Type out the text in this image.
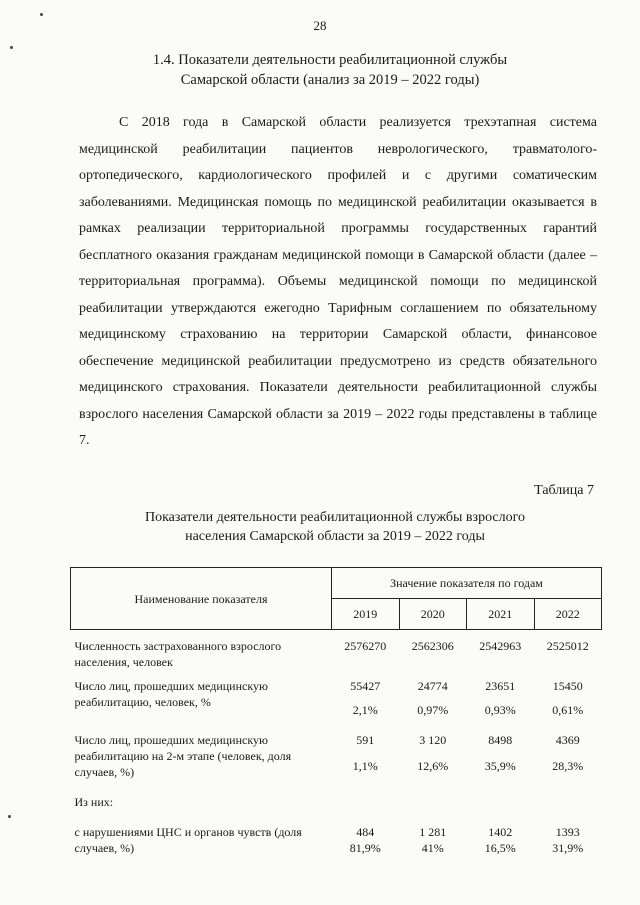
28
1.4. Показатели деятельности реабилитационной службы
Самарской области (анализ за 2019 – 2022 годы)

С 2018 года в Самарской области реализуется трехэтапная система медицинской реабилитации пациентов неврологического, травматолого-ортопедического, кардиологического профилей и с другими соматическим заболеваниями. Медицинская помощь по медицинской реабилитации оказывается в рамках реализации территориальной программы государственных гарантий бесплатного оказания гражданам медицинской помощи в Самарской области (далее – территориальная программа). Объемы медицинской помощи по медицинской реабилитации утверждаются ежегодно Тарифным соглашением по обязательному медицинскому страхованию на территории Самарской области, финансовое обеспечение медицинской реабилитации предусмотрено из средств обязательного медицинского страхования. Показатели деятельности реабилитационной службы взрослого населения Самарской области за 2019 – 2022 годы представлены в таблице 7.

Таблица 7
Показатели деятельности реабилитационной службы взрослого
населения Самарской области за 2019 – 2022 годы
Наименование показателя	Значение показателя по годам			
	2019	2020	2021	2022
Численность застрахованного взрослого населения, человек	2576270	2562306	2542963	2525012
Число лиц, прошедших медицинскую реабилитацию, человек, %	55427	24774	23651	15450
	2,1%	0,97%	0,93%	0,61%
Число лиц, прошедших медицинскую реабилитацию на 2-м этапе (человек, доля случаев, %)	591	3 120	8498	4369
	1,1%	12,6%	35,9%	28,3%
Из них:				
с нарушениями ЦНС и органов чувств (доля случаев, %)	484	1 281	1402	1393
	81,9%	41%	16,5%	31,9%
